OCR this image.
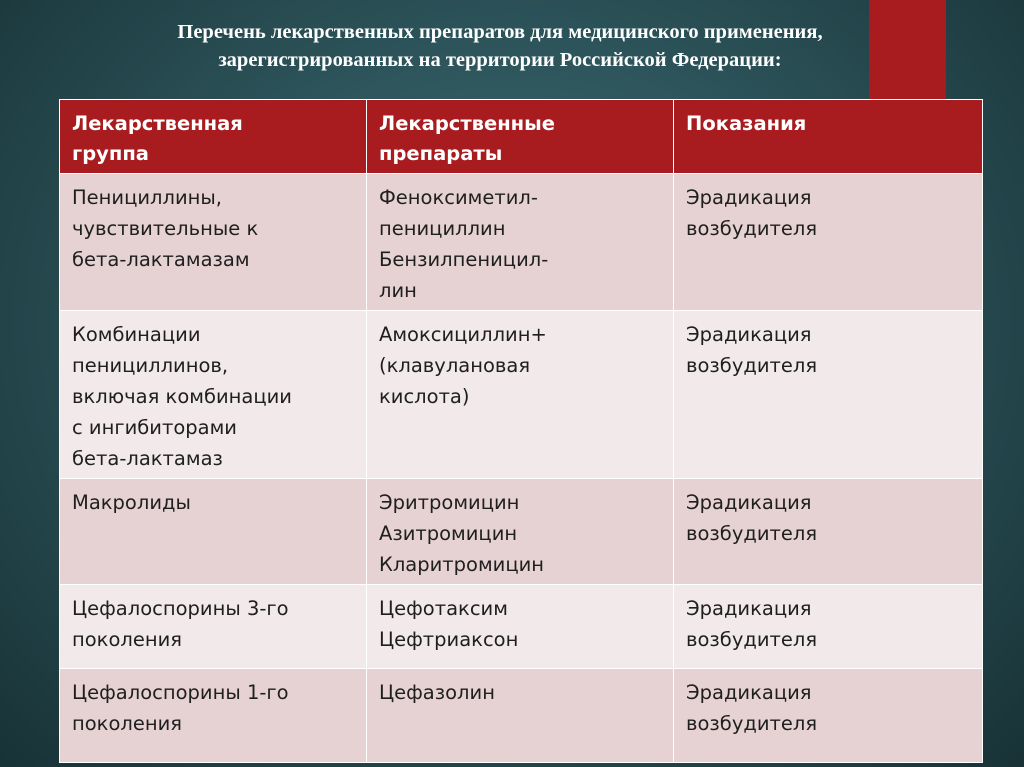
Перечень лекарственных препаратов для медицинского применения,
зарегистрированных на территории Российской Федерации:
Лекарственная
группа	Лекарственные
препараты	Показания

Пенициллины,
чувствительные к
бета-лактамазам	Феноксиметил-
пенициллин
Бензилпеницил-
лин	Эрадикация
возбудителя

Комбинации
пенициллинов,
включая комбинации
с ингибиторами
бета-лактамаз	Амоксициллин+
(клавулановая
кислота)	Эрадикация
возбудителя

Макролиды	Эритромицин
Азитромицин
Кларитромицин	Эрадикация
возбудителя

Цефалоспорины 3-го
поколения	Цефотаксим
Цефтриаксон	Эрадикация
возбудителя

Цефалоспорины 1-го
поколения	Цефазолин	Эрадикация
возбудителя
